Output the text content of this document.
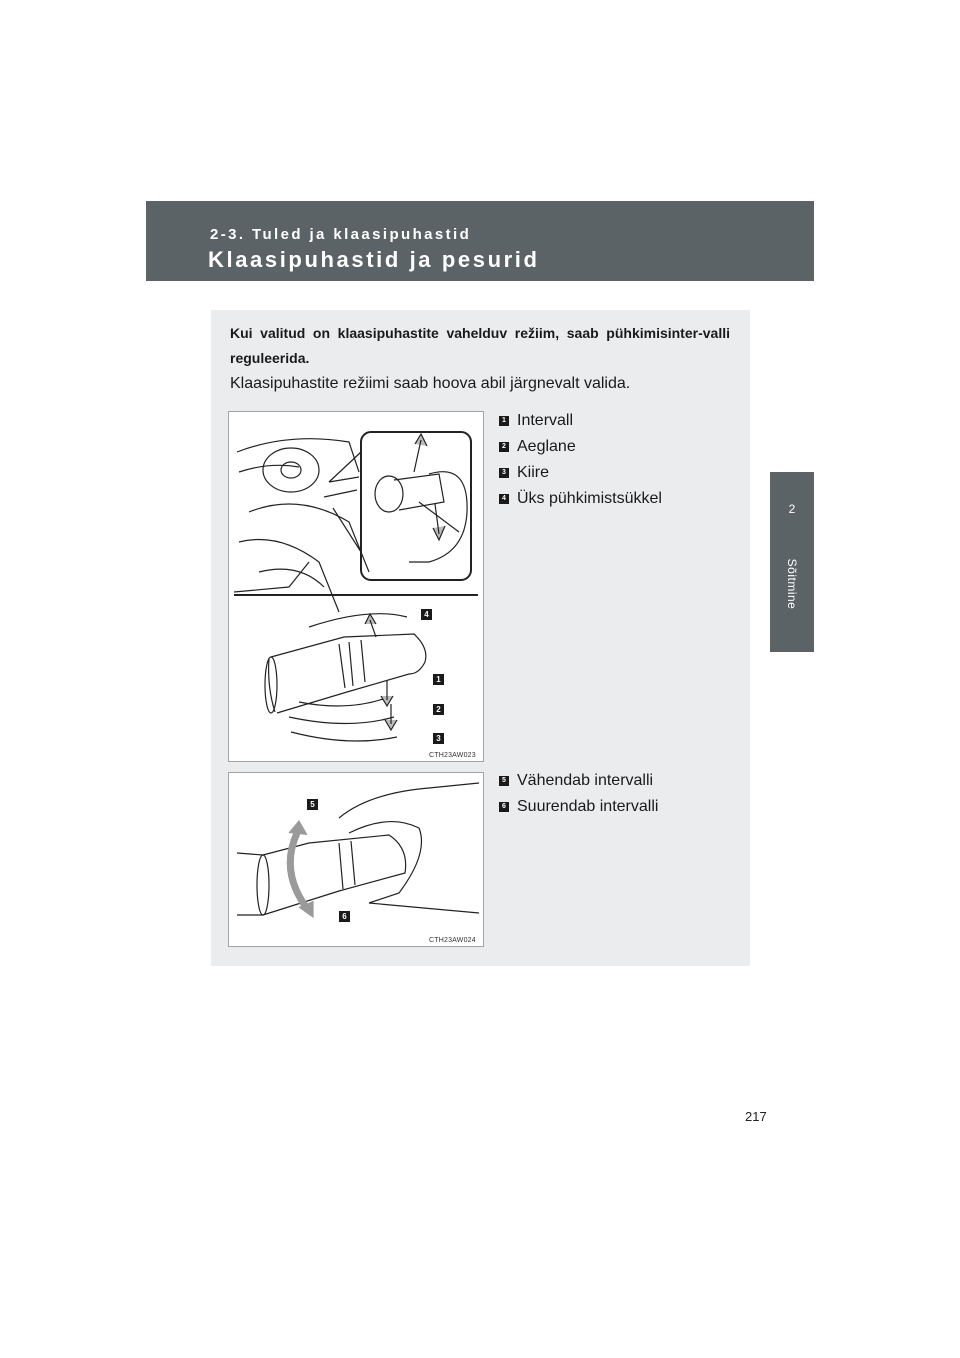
2-3. Tuled ja klaasipuhastid
Klaasipuhastid ja pesurid
2
Sõitmine
Kui valitud on klaasipuhastite vahelduv režiim, saab pühkimisinter-valli reguleerida.
Klaasipuhastite režiimi saab hoova abil järgnevalt valida.
4
1
2
3
CTH23AW023
1 Intervall
2 Aeglane
3 Kiire
4 Üks pühkimistsükkel
5
6
CTH23AW024
5 Vähendab intervalli
6 Suurendab intervalli
217
